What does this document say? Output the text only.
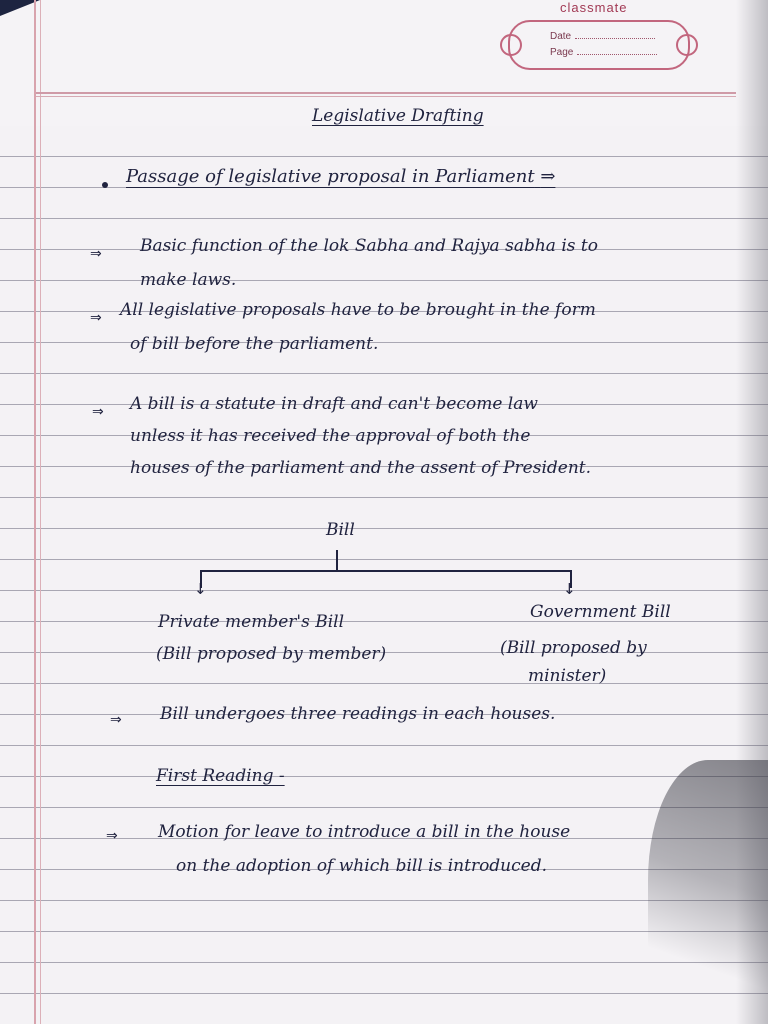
classmate
Date
Page
Legislative Drafting
Passage of legislative proposal in Parliament ⇒
⇒ Basic function of the lok Sabha and Rajya sabha is to
make laws.
⇒ All legislative proposals have to be brought in the form
of bill before the parliament.
⇒ A bill is a statute in draft and can't become law
unless it has received the approval of both the
houses of the parliament and the assent of President.
Bill
↓	↓
Private member's Bill
(Bill proposed by member)
Government Bill
(Bill proposed by
minister)
⇒ Bill undergoes three readings in each houses.
First Reading -
⇒ Motion for leave to introduce a bill in the house
on the adoption of which bill is introduced.
